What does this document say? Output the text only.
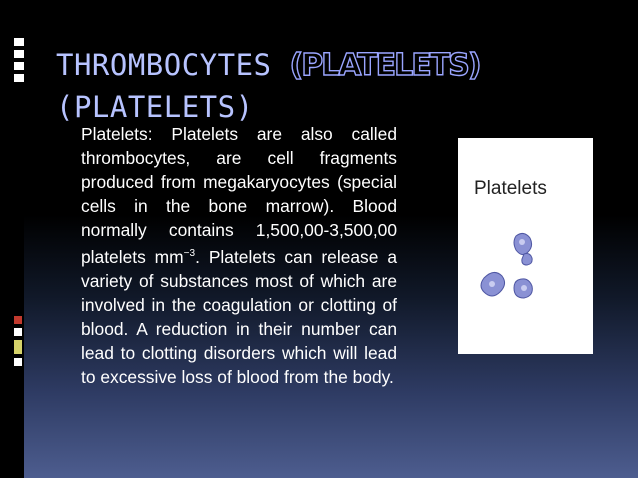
THROMBOCYTES (PLATELETS)
(PLATELETS)
Platelets: Platelets are also called thrombocytes, are cell fragments produced from megakaryocytes (special cells in the bone marrow). Blood normally contains 1,500,00-3,500,00 platelets $mm^{-3}$. Platelets can release a variety of substances most of which are involved in the coagulation or clotting of blood. A reduction in their number can lead to clotting disorders which will lead to excessive loss of blood from the body.
Platelets
